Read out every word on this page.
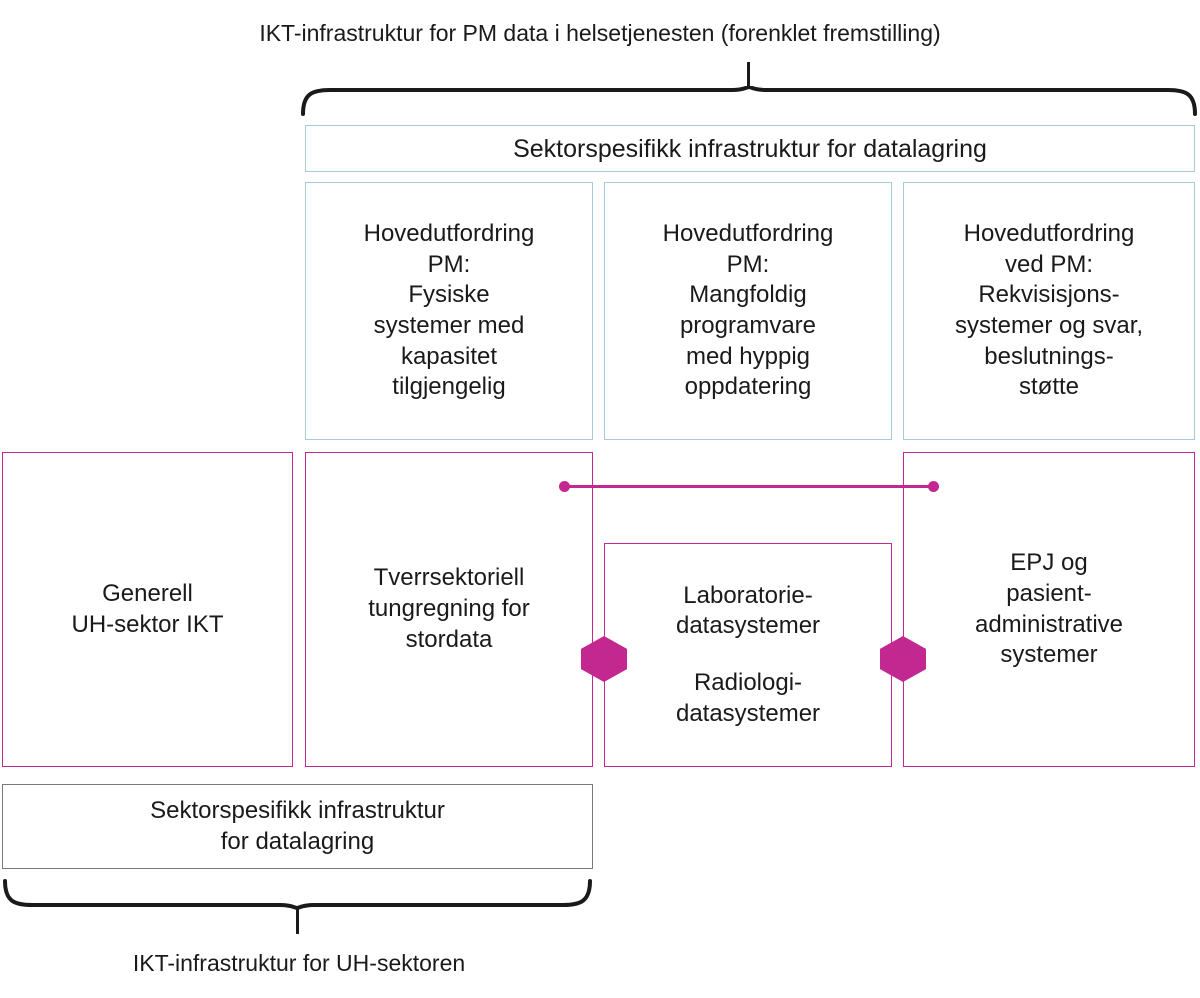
IKT-infrastruktur for PM data i helsetjenesten (forenklet fremstilling)
Sektorspesifikk infrastruktur for datalagring
Hovedutfordring
PM:
Fysiske
systemer med
kapasitet
tilgjengelig
Hovedutfordring
PM:
Mangfoldig
programvare
med hyppig
oppdatering
Hovedutfordring
ved PM:
Rekvisisjons-
systemer og svar,
beslutnings-
støtte
Generell
UH-sektor IKT
Tverrsektoriell
tungregning for
stordata
Laboratorie-
datasystemer
Radiologi-
datasystemer
EPJ og
pasient-
administrative
systemer
Sektorspesifikk infrastruktur
for datalagring
IKT-infrastruktur for UH-sektoren
